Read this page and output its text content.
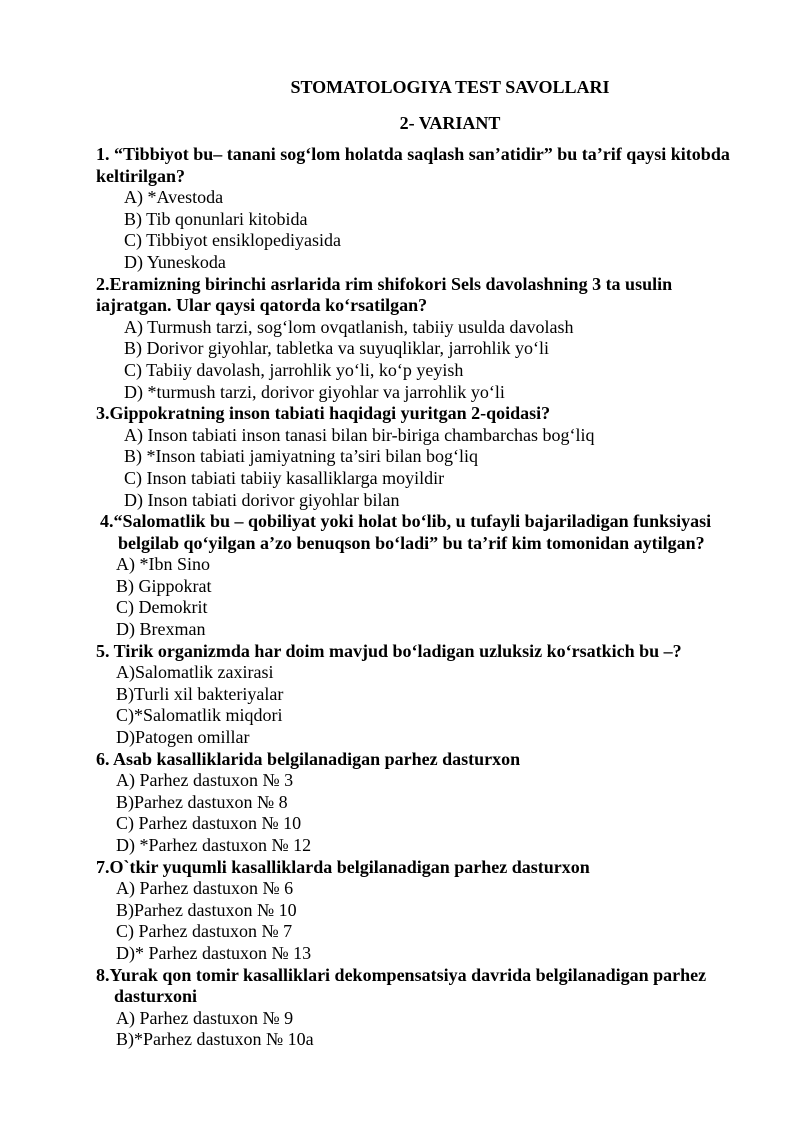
STOMATOLOGIYA TEST SAVOLLARI
2- VARIANT

1. “Tibbiyot bu– tanani sog‘lom holatda saqlash san’atidir” bu ta’rif qaysi kitobda keltirilgan?

A) *Avestoda
B) Tib qonunlari kitobida
C) Tibbiyot ensiklopediyasida
D) Yuneskoda

2.Eramizning birinchi asrlarida rim shifokori Sels davolashning 3 ta usulin iajratgan. Ular qaysi qatorda ko‘rsatilgan?

A) Turmush tarzi, sog‘lom ovqatlanish, tabiiy usulda davolash
B) Dorivor giyohlar, tabletka va suyuqliklar, jarrohlik yo‘li
C) Tabiiy davolash, jarrohlik yo‘li, ko‘p yeyish
D) *turmush tarzi, dorivor giyohlar va jarrohlik yo‘li

3.Gippokratning inson tabiati haqidagi yuritgan 2-qoidasi?

A) Inson tabiati inson tanasi bilan bir-biriga chambarchas bog‘liq
B) *Inson tabiati jamiyatning ta’siri bilan bog‘liq
C) Inson tabiati tabiiy kasalliklarga moyildir
D) Inson tabiati dorivor giyohlar bilan

4.“Salomatlik bu – qobiliyat yoki holat bo‘lib, u tufayli bajariladigan funksiyasi belgilab qo‘yilgan a’zo benuqson bo‘ladi” bu ta’rif kim tomonidan aytilgan?

A) *Ibn Sino
B) Gippokrat
C) Demokrit
D) Brexman

5. Tirik organizmda har doim mavjud bo‘ladigan uzluksiz ko‘rsatkich bu –?

A)Salomatlik zaxirasi
B)Turli xil bakteriyalar
C)*Salomatlik miqdori
D)Patogen omillar

6. Asab kasalliklarida belgilanadigan parhez dasturxon

A) Parhez dastuxon № 3
B)Parhez dastuxon № 8
C) Parhez dastuxon № 10
D) *Parhez dastuxon № 12

7.O`tkir yuqumli kasalliklarda belgilanadigan parhez dasturxon

A) Parhez dastuxon № 6
B)Parhez dastuxon № 10
C) Parhez dastuxon № 7
D)* Parhez dastuxon № 13

8.Yurak qon tomir kasalliklari dekompensatsiya davrida belgilanadigan parhez dasturxoni

A) Parhez dastuxon № 9
B)*Parhez dastuxon № 10a
